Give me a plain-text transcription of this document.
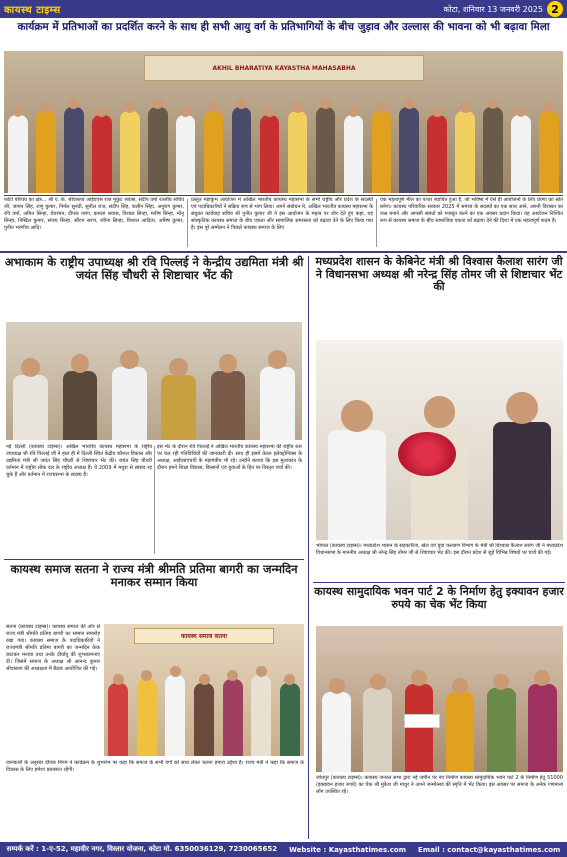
कायस्थ टाइम्स	कोटा, शनिवार 13 जनवरी 2025 2
कार्यक्रम में प्रतिभाओं का प्रदर्शित करने के साथ ही सभी आयु वर्ग के प्रतिभागियों के बीच जुड़ाव और उल्लास की भावना को भी बढ़ावा मिला
AKHIL BHARATIYA KAYASTHA MAHASABHA
फोटो परिचय का क्षेत्र... श्री ए. के. श्रीवास्तव आईएएस राज मुकुट श्रवास, संदीप वर्मा रतलीय सचिव जी, जामन सिंह, राणु कुमार, निर्मल सुनंदी, सुनील राज, संदीप सिंह, कलीन सिंहा, अनुराग कुमार, रवि वर्मा, अमित सिन्हा, चेयरमन, दीपक नारंग, कमला श्रवास, विशाल सिन्हा, मनीष सिन्हा, मोनू सिन्हा, निखिल कुमार, संजय सिन्हा, सौरभ सरण, रवीना सिन्हा, विशाल आदित्य, अमिष कुमार, पुनीत भरणीय आदि।
प्रस्तुत महाकुंभ आयोजन में अखिल भारतीय कायस्थ महासभा के सभी राष्ट्रीय और प्रदेश के सदस्यों एवं पदाधिकारियों ने सक्रिय रूप से भाग लिया। अपने संबोधन में, अखिल भारतीय कायस्थ महासभा के संयुक्त कार्यवाह सचिव श्री पुनीत कुमार जी ने इस आयोजन के महत्व पर जोर देते हुए कहा, यह सांस्कृतिक कायस्थ समाज के बीच एकता और सामाजिक समरसता को बढ़ावा देने के लिए किया गया है। इस पूरे सम्मेलन ने पिछले कायस्थ समाज के लिए
एक महत्वपूर्ण मील का पत्थर स्थापित हुआ है, जो भविष्य में ऐसे ही आयोजनों के लिए प्रेरणा का स्रोत बनेगा। कायस्थ परिवारिक सरकार 2025 में समाज के सदस्यों का एक साथ आने, अपनी विरासत का जश्न मनाने और आपसी संबंधों को मजबूत करने का एक अवसर प्रदान किया। यह आयोजन निश्चित रूप से कायस्थ समाज के बीच सामाजिक एकता को बढ़ावा देने की दिशा में एक महत्वपूर्ण कदम है।
अभाकाम के राष्ट्रीय उपाध्यक्ष श्री रवि पिल्लई ने केन्द्रीय उद्यमिता मंत्री श्री जयंत सिंह चौधरी से शिष्टाचार भेंट की
नई दिल्ली (कायस्थ टाइम्स)। अखिल भारतीय कायस्थ महासभा के राष्ट्रीय उपाध्यक्ष श्री रवि पिल्लई जी ने हाल ही में दिल्ली स्थित केंद्रीय कौशल विकास और उद्यमिता मंत्री श्री जयंत सिंह चौधरी से शिष्टाचार भेंट की। जयंत सिंह चौधरी वर्तमान में राष्ट्रीय लोक दल के राष्ट्रीय अध्यक्ष हैं। वे 2009 में मथुरा से सांसद रह चुके हैं और वर्तमान में राज्यसभा के सदस्य हैं।
इस भेंट के दौरान रवि पिल्लई ने अखिल भारतीय कायस्थ महासभा की राष्ट्रीय स्तर पर चल रही गतिविधियों की जानकारी दी। साथ ही इसमें केरल इलेक्ट्रोनिक्स के अध्यक्ष, आईएसएचपी के महामंत्रीय भी रहे। उन्होंने बताया कि इस मुलाकात के दौरान हमने शिक्षा विकास, किसानों एवं युवाओं के हित पर विस्तृत चर्चा की।
मध्यप्रदेश शासन के केबिनेट मंत्री श्री विश्वास कैलाश सारंग जी ने विधानसभा अध्यक्ष श्री नरेन्द्र सिंह तोमर जी से शिष्टाचार भेंट की
भोपाल (कायस्थ टाइम्स)। मध्यप्रदेश शासन के सहकारिता, खेल एवं युवा कल्याण विभाग के मंत्री श्री विश्वास कैलाश सारंग जी ने मध्यप्रदेश विधानसभा के माननीय अध्यक्ष श्री नरेन्द्र सिंह तोमर जी से शिष्टाचार भेंट की। इस दौरान प्रदेश से जुड़े विभिन्न विषयों पर चर्चा की गई।
कायस्थ समाज सतना ने राज्य मंत्री श्रीमति प्रतिमा बागरी का जन्मदिन मनाकर सम्मान किया
सतना (कायस्थ टाइम्स)। कायस्थ समाज की ओर से राज्य मंत्री श्रीमति प्रतिमा बागरी का सम्मान समारोह रखा गया। कायस्थ समाज के पदाधिकारियों ने राज्यमंत्री श्रीमति प्रतिमा बागरी का जन्मदिन केक काटकर मनाया तथा उनके दीर्घायु की शुभकामनाएं दी। जिसमें समाज के अध्यक्ष श्री आनन्द कुमार श्रीवास्तव की अध्यक्षता में बैठक आयोजित की गई।
कायस्थ समाज सतना
जानकारी के अनुसार दीपक निगम ने कार्यक्रम के शुभारंभ पर कहा कि समाज के सभी वर्गों को साथ लेकर चलना हमारा उद्देश्य है। राज्य मंत्री ने कहा कि समाज के विकास के लिए हमेशा प्रयासरत रहेंगी।
कायस्थ सामुदायिक भवन पार्ट 2 के निर्माण हेतु इक्यावन हजार रुपये का चेक भेंट किया
जोधपुर (कायस्थ टाइम्स)। कायस्थ जनरल सभा द्वारा नई जमीन पर नव निर्माण कायस्थ सामुदायिक भवन पार्ट 2 के निर्माण हेतु 51000 (इक्यावन हजार रुपये) का चेक श्री मुकेश जी माथुर ने अपने जन्मोत्सव की स्मृति में भेंट किया। इस अवसर पर समाज के अनेक गणमान्य लोग उपस्थित रहे।
सम्पर्क करें : 1-ए-52, महावीर नगर, विस्तार योजना, कोटा मो. 6350036129, 7230065652 Website : Kayasthatimes.com Email : contact@kayasthatimes.com
